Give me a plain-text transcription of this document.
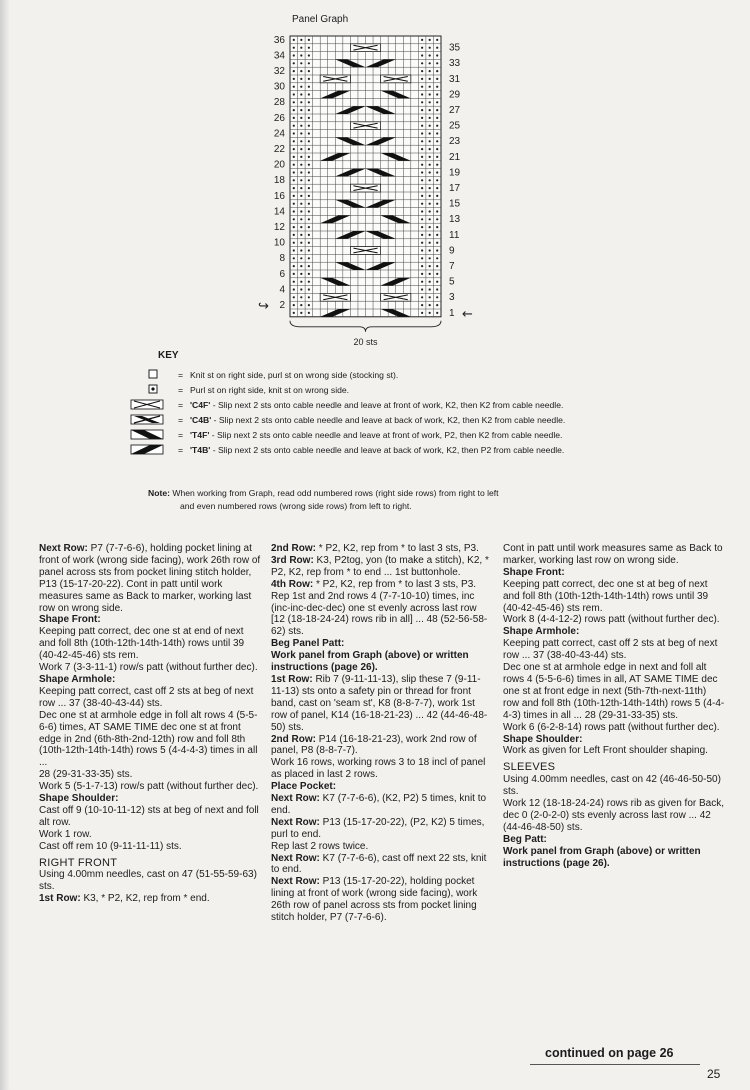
Panel Graph
36
34
32
30
28
26
24
22
20
18
16
14
12
10
8
6
4
2
35
33
31
29
27
25
23
21
19
17
15
13
11
9
7
5
3
1
↪
←
20 sts
KEY
= Knit st on right side, purl st on wrong side (stocking st).
= Purl st on right side, knit st on wrong side.
= 'C4F' - Slip next 2 sts onto cable needle and leave at front of work, K2, then K2 from cable needle.
= 'C4B' - Slip next 2 sts onto cable needle and leave at back of work, K2, then K2 from cable needle.
= 'T4F' - Slip next 2 sts onto cable needle and leave at front of work, P2, then K2 from cable needle.
= 'T4B' - Slip next 2 sts onto cable needle and leave at back of work, K2, then P2 from cable needle.
Note: When working from Graph, read odd numbered rows (right side rows) from right to left
and even numbered rows (wrong side rows) from left to right.

Next Row: P7 (7-7-6-6), holding pocket lining at front of work (wrong side facing), work 26th row of panel across sts from pocket lining stitch holder, P13 (15-17-20-22). Cont in patt until work measures same as Back to marker, working last row on wrong side.

Shape Front:

Keeping patt correct, dec one st at end of next and foll 8th (10th-12th-14th-14th) rows until 39 (40-42-45-46) sts rem.

Work 7 (3-3-11-1) row/s patt (without further dec).

Shape Armhole:

Keeping patt correct, cast off 2 sts at beg of next row ... 37 (38-40-43-44) sts.

Dec one st at armhole edge in foll alt rows 4 (5-5-6-6) times, AT SAME TIME dec one st at front edge in 2nd (6th-8th-2nd-12th) row and foll 8th (10th-12th-14th-14th) rows 5 (4-4-4-3) times in all ...

28 (29-31-33-35) sts.

Work 5 (5-1-7-13) row/s patt (without further dec).

Shape Shoulder:

Cast off 9 (10-10-11-12) sts at beg of next and foll alt row.

Work 1 row.

Cast off rem 10 (9-11-11-11) sts.

RIGHT FRONT

Using 4.00mm needles, cast on 47 (51-55-59-63) sts.

1st Row: K3, * P2, K2, rep from * end.

2nd Row: * P2, K2, rep from * to last 3 sts, P3.

3rd Row: K3, P2tog, yon (to make a stitch), K2, * P2, K2, rep from * to end ... 1st buttonhole.

4th Row: * P2, K2, rep from * to last 3 sts, P3. Rep 1st and 2nd rows 4 (7-7-10-10) times, inc (inc-inc-dec-dec) one st evenly across last row [12 (18-18-24-24) rows rib in all] ... 48 (52-56-58-62) sts.

Beg Panel Patt:

Work panel from Graph (above) or written instructions (page 26).

1st Row: Rib 7 (9-11-11-13), slip these 7 (9-11-11-13) sts onto a safety pin or thread for front band, cast on 'seam st', K8 (8-8-7-7), work 1st row of panel, K14 (16-18-21-23) ... 42 (44-46-48-50) sts.

2nd Row: P14 (16-18-21-23), work 2nd row of panel, P8 (8-8-7-7).

Work 16 rows, working rows 3 to 18 incl of panel as placed in last 2 rows.

Place Pocket:

Next Row: K7 (7-7-6-6), (K2, P2) 5 times, knit to end.

Next Row: P13 (15-17-20-22), (P2, K2) 5 times, purl to end.

Rep last 2 rows twice.

Next Row: K7 (7-7-6-6), cast off next 22 sts, knit to end.

Next Row: P13 (15-17-20-22), holding pocket lining at front of work (wrong side facing), work 26th row of panel across sts from pocket lining stitch holder, P7 (7-7-6-6).

Cont in patt until work measures same as Back to marker, working last row on wrong side.

Shape Front:

Keeping patt correct, dec one st at beg of next and foll 8th (10th-12th-14th-14th) rows until 39 (40-42-45-46) sts rem.

Work 8 (4-4-12-2) rows patt (without further dec).

Shape Armhole:

Keeping patt correct, cast off 2 sts at beg of next row ... 37 (38-40-43-44) sts.

Dec one st at armhole edge in next and foll alt rows 4 (5-5-6-6) times in all, AT SAME TIME dec one st at front edge in next (5th-7th-next-11th) row and foll 8th (10th-12th-14th-14th) rows 5 (4-4-4-3) times in all ... 28 (29-31-33-35) sts.

Work 6 (6-2-8-14) rows patt (without further dec).

Shape Shoulder:

Work as given for Left Front shoulder shaping.

SLEEVES

Using 4.00mm needles, cast on 42 (46-46-50-50) sts.

Work 12 (18-18-24-24) rows rib as given for Back, dec 0 (2-0-2-0) sts evenly across last row ... 42 (44-46-48-50) sts.

Beg Patt:

Work panel from Graph (above) or written instructions (page 26).

continued on page 26
25
